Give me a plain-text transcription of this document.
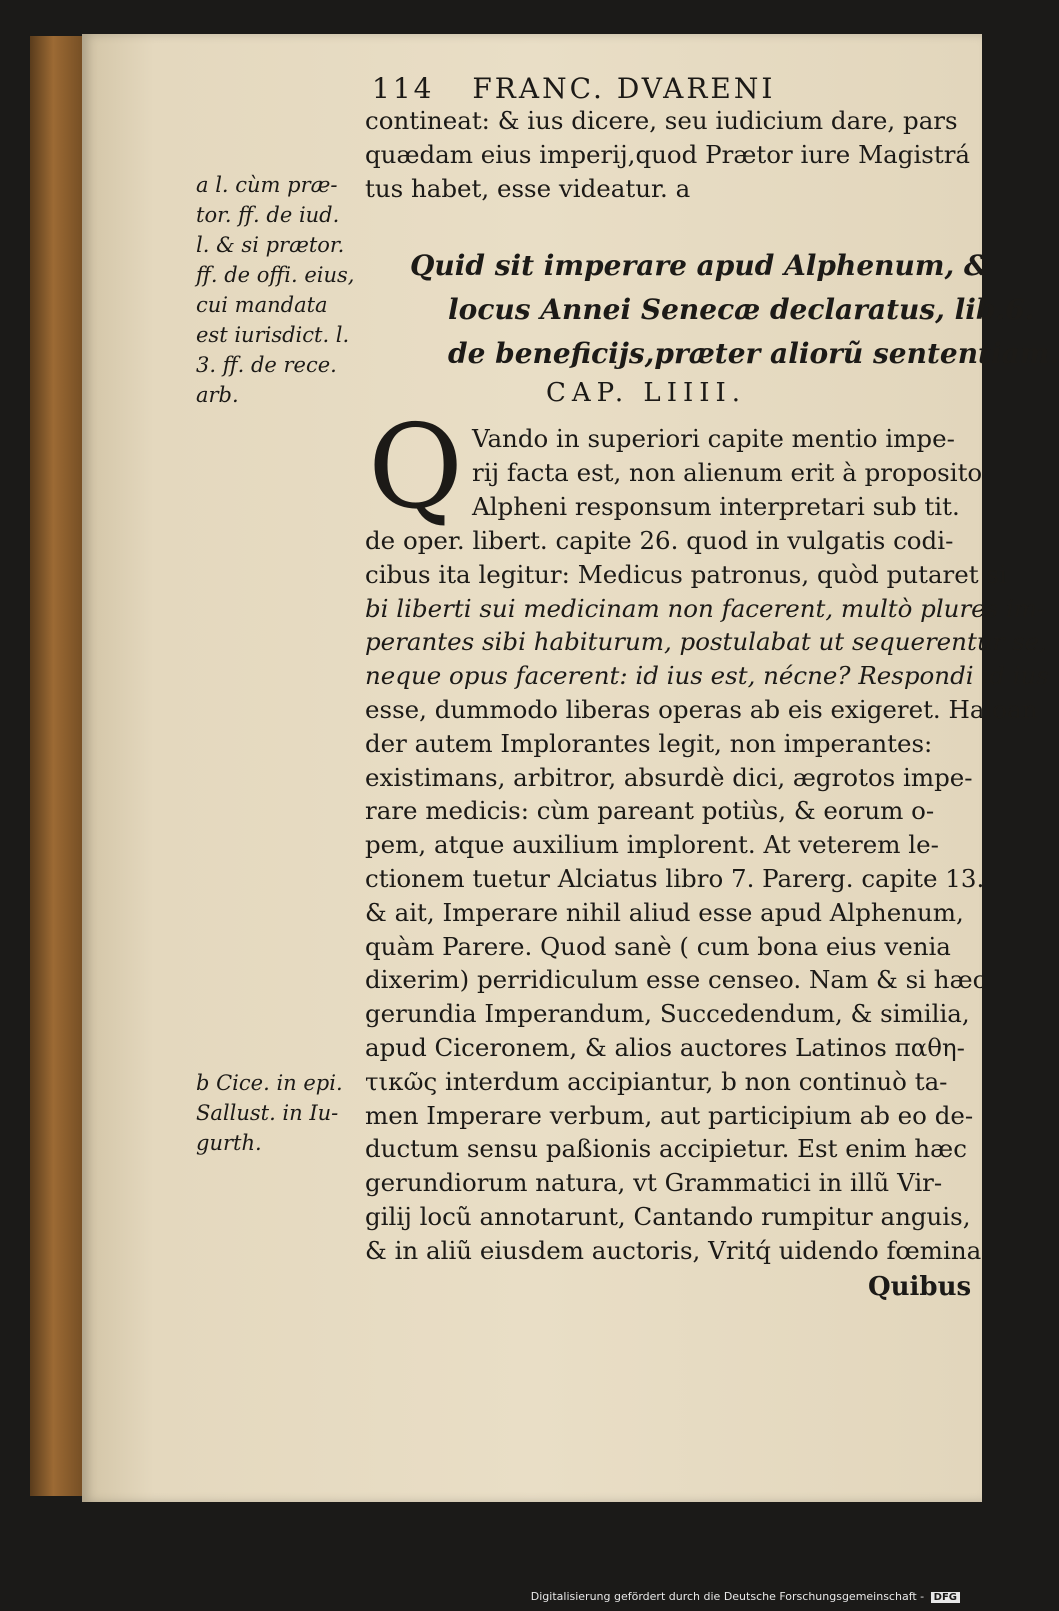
114 FRANC. DVARENI
contineat: & ius dicere, seu iudicium dare, pars
quædam eius imperij,quod Prætor iure Magistrá
tus habet, esse videatur. a
Quid sit imperare apud Alphenum, &
locus Annei Senecæ declaratus, lib.6.
de beneficijs,præter aliorũ sententiam.
CAP. LIIII.
Q Vando in superiori capite mentio impe-
rij facta est, non alienum erit à proposito
Alpheni responsum interpretari sub tit.
de oper. libert. capite 26. quod in vulgatis codi-
cibus ita legitur: Medicus patronus, quòd putaret si
bi liberti sui medicinam non facerent, multò plures im-
perantes sibi habiturum, postulabat ut sequerentur se,
neque opus facerent: id ius est, nécne? Respondi id ius
esse, dummodo liberas operas ab eis exigeret. Haloan
der autem Implorantes legit, non imperantes:
existimans, arbitror, absurdè dici, ægrotos impe-
rare medicis: cùm pareant potiùs, & eorum o-
pem, atque auxilium implorent. At veterem le-
ctionem tuetur Alciatus libro 7. Parerg. capite 13.
& ait, Imperare nihil aliud esse apud Alphenum,
quàm Parere. Quod sanè ( cum bona eius venia
dixerim) perridiculum esse censeo. Nam & si hæc
gerundia Imperandum, Succedendum, & similia,
apud Ciceronem, & alios auctores Latinos παθη-
τικῶς interdum accipiantur, b non continuò ta-
men Imperare verbum, aut participium ab eo de-
ductum sensu paßionis accipietur. Est enim hæc
gerundiorum natura, vt Grammatici in illũ Vir-
gilij locũ annotarunt, Cantando rumpitur anguis,
& in aliũ eiusdem auctoris, Vritq́ uidendo fœmina.
a l. cùm præ-
tor. ff. de iud.
l. & si prætor.
ff. de offi. eius,
cui mandata
est iurisdict. l.
3. ff. de rece.
arb.
b Cice. in epi.
Sallust. in Iu-
gurth.
Quibus
Digitalisierung gefördert durch die Deutsche Forschungsgemeinschaft - DFG
